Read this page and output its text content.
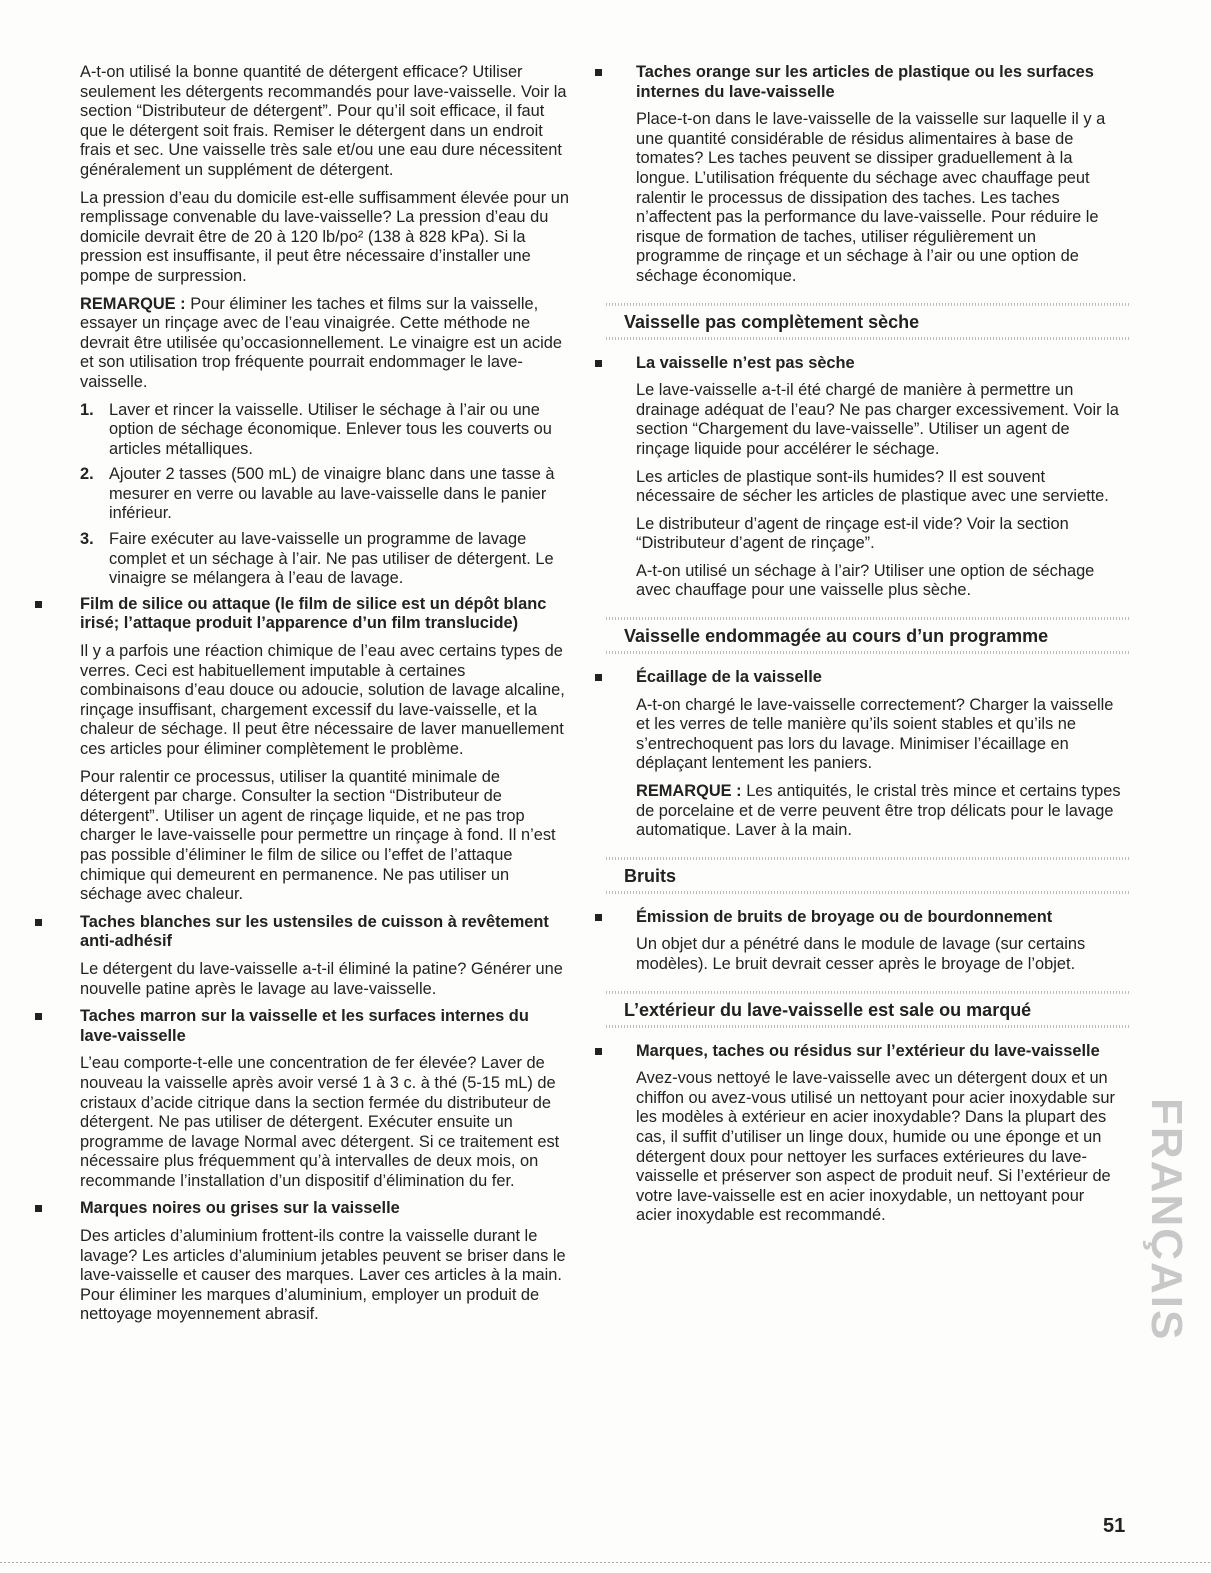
A-t-on utilisé la bonne quantité de détergent efficace? Utiliser seulement les détergents recommandés pour lave-vaisselle. Voir la section “Distributeur de détergent”. Pour qu’il soit efficace, il faut que le détergent soit frais. Remiser le détergent dans un endroit frais et sec. Une vaisselle très sale et/ou une eau dure nécessitent généralement un supplément de détergent.

La pression d’eau du domicile est-elle suffisamment élevée pour un remplissage convenable du lave-vaisselle? La pression d’eau du domicile devrait être de 20 à 120 lb/po² (138 à 828 kPa). Si la pression est insuffisante, il peut être nécessaire d’installer une pompe de surpression.

REMARQUE : Pour éliminer les taches et films sur la vaisselle, essayer un rinçage avec de l’eau vinaigrée. Cette méthode ne devrait être utilisée qu’occasionnellement. Le vinaigre est un acide et son utilisation trop fréquente pourrait endommager le lave-vaisselle.

1. Laver et rincer la vaisselle. Utiliser le séchage à l’air ou une option de séchage économique. Enlever tous les couverts ou articles métalliques.
2. Ajouter 2 tasses (500 mL) de vinaigre blanc dans une tasse à mesurer en verre ou lavable au lave-vaisselle dans le panier inférieur.
3. Faire exécuter au lave-vaisselle un programme de lavage complet et un séchage à l’air. Ne pas utiliser de détergent. Le vinaigre se mélangera à l’eau de lavage.
Film de silice ou attaque (le film de silice est un dépôt blanc irisé; l’attaque produit l’apparence d’un film translucide)

Il y a parfois une réaction chimique de l’eau avec certains types de verres. Ceci est habituellement imputable à certaines combinaisons d’eau douce ou adoucie, solution de lavage alcaline, rinçage insuffisant, chargement excessif du lave-vaisselle, et la chaleur de séchage. Il peut être nécessaire de laver manuellement ces articles pour éliminer complètement le problème.

Pour ralentir ce processus, utiliser la quantité minimale de détergent par charge. Consulter la section “Distributeur de détergent”. Utiliser un agent de rinçage liquide, et ne pas trop charger le lave-vaisselle pour permettre un rinçage à fond. Il n’est pas possible d’éliminer le film de silice ou l’effet de l’attaque chimique qui demeurent en permanence. Ne pas utiliser un séchage avec chaleur.

Taches blanches sur les ustensiles de cuisson à revêtement anti-adhésif

Le détergent du lave-vaisselle a-t-il éliminé la patine? Générer une nouvelle patine après le lavage au lave-vaisselle.

Taches marron sur la vaisselle et les surfaces internes du lave-vaisselle

L’eau comporte-t-elle une concentration de fer élevée? Laver de nouveau la vaisselle après avoir versé 1 à 3 c. à thé (5-15 mL) de cristaux d’acide citrique dans la section fermée du distributeur de détergent. Ne pas utiliser de détergent. Exécuter ensuite un programme de lavage Normal avec détergent. Si ce traitement est nécessaire plus fréquemment qu’à intervalles de deux mois, on recommande l’installation d’un dispositif d’élimination du fer.

Marques noires ou grises sur la vaisselle

Des articles d’aluminium frottent-ils contre la vaisselle durant le lavage? Les articles d’aluminium jetables peuvent se briser dans le lave-vaisselle et causer des marques. Laver ces articles à la main. Pour éliminer les marques d’aluminium, employer un produit de nettoyage moyennement abrasif.

Taches orange sur les articles de plastique ou les surfaces internes du lave-vaisselle

Place-t-on dans le lave-vaisselle de la vaisselle sur laquelle il y a une quantité considérable de résidus alimentaires à base de tomates? Les taches peuvent se dissiper graduellement à la longue. L’utilisation fréquente du séchage avec chauffage peut ralentir le processus de dissipation des taches. Les taches n’affectent pas la performance du lave-vaisselle. Pour réduire le risque de formation de taches, utiliser régulièrement un programme de rinçage et un séchage à l’air ou une option de séchage économique.

Vaisselle pas complètement sèche
La vaisselle n’est pas sèche

Le lave-vaisselle a-t-il été chargé de manière à permettre un drainage adéquat de l’eau? Ne pas charger excessivement. Voir la section “Chargement du lave-vaisselle”. Utiliser un agent de rinçage liquide pour accélérer le séchage.

Les articles de plastique sont-ils humides? Il est souvent nécessaire de sécher les articles de plastique avec une serviette.

Le distributeur d’agent de rinçage est-il vide? Voir la section “Distributeur d’agent de rinçage”.

A-t-on utilisé un séchage à l’air? Utiliser une option de séchage avec chauffage pour une vaisselle plus sèche.

Vaisselle endommagée au cours d’un programme
Écaillage de la vaisselle

A-t-on chargé le lave-vaisselle correctement? Charger la vaisselle et les verres de telle manière qu’ils soient stables et qu’ils ne s’entrechoquent pas lors du lavage. Minimiser l’écaillage en déplaçant lentement les paniers.

REMARQUE : Les antiquités, le cristal très mince et certains types de porcelaine et de verre peuvent être trop délicats pour le lavage automatique. Laver à la main.

Bruits
Émission de bruits de broyage ou de bourdonnement

Un objet dur a pénétré dans le module de lavage (sur certains modèles). Le bruit devrait cesser après le broyage de l’objet.

L’extérieur du lave-vaisselle est sale ou marqué
Marques, taches ou résidus sur l’extérieur du lave-vaisselle

Avez-vous nettoyé le lave-vaisselle avec un détergent doux et un chiffon ou avez-vous utilisé un nettoyant pour acier inoxydable sur les modèles à extérieur en acier inoxydable? Dans la plupart des cas, il suffit d’utiliser un linge doux, humide ou une éponge et un détergent doux pour nettoyer les surfaces extérieures du lave-vaisselle et préserver son aspect de produit neuf. Si l’extérieur de votre lave-vaisselle est en acier inoxydable, un nettoyant pour acier inoxydable est recommandé.	FRANÇAIS
51
